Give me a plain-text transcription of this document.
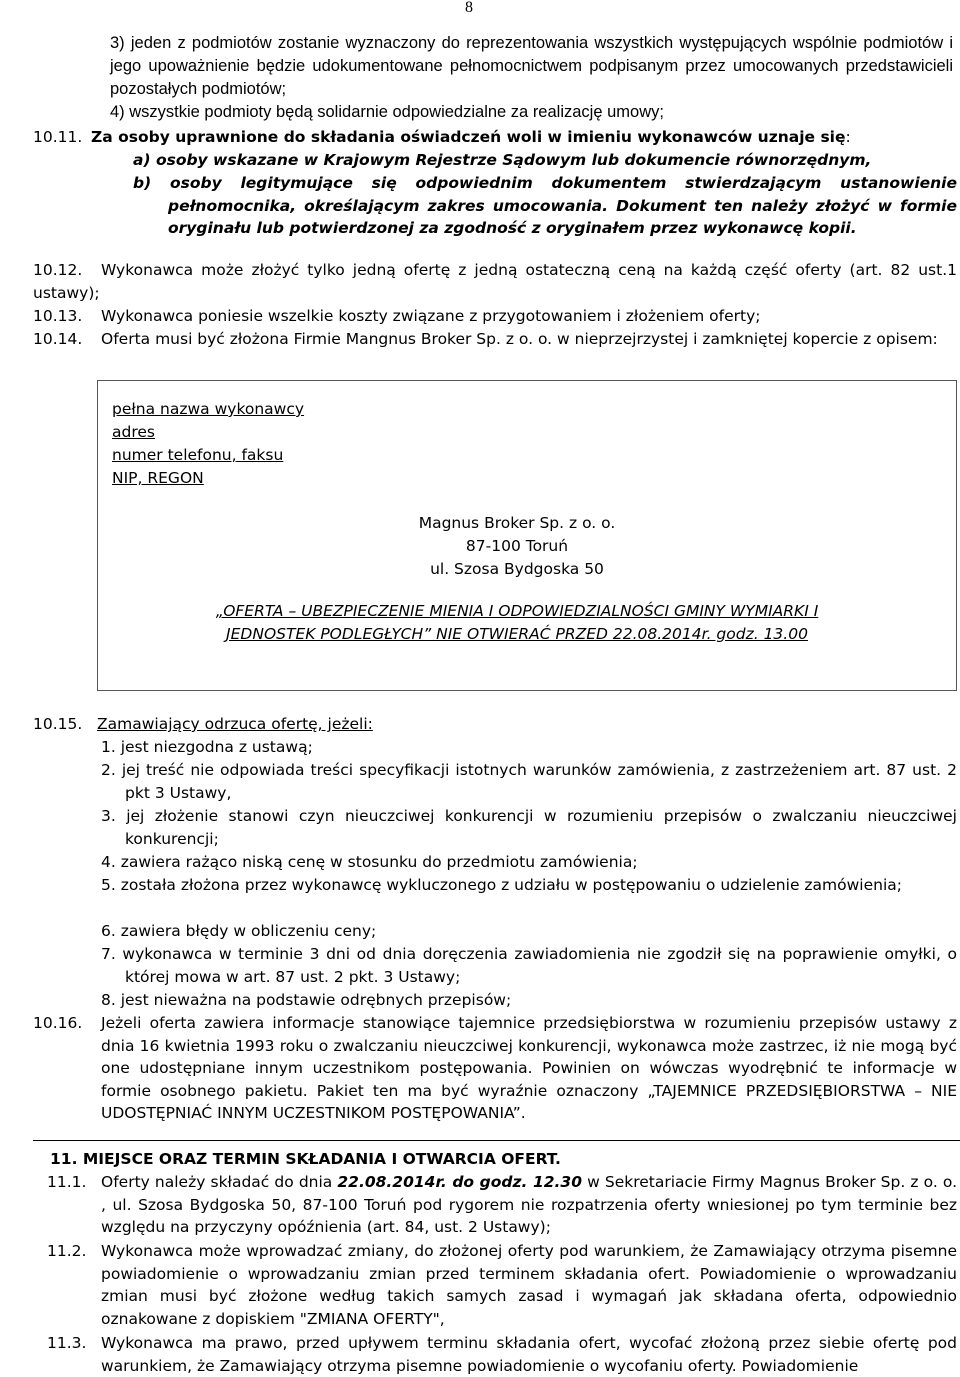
8

3) jeden z podmiotów zostanie wyznaczony do reprezentowania wszystkich występujących wspólnie podmiotów i jego upoważnienie będzie udokumentowane pełnomocnictwem podpisanym przez umocowanych przedstawicieli pozostałych podmiotów;

4) wszystkie podmioty będą solidarnie odpowiedzialne za realizację umowy;

10.11. Za osoby uprawnione do składania oświadczeń woli w imieniu wykonawców uznaje się:
a) osoby wskazane w Krajowym Rejestrze Sądowym lub dokumencie równorzędnym,
b) osoby legitymujące się odpowiednim dokumentem stwierdzającym ustanowienie pełnomocnika, określającym zakres umocowania. Dokument ten należy złożyć w formie oryginału lub potwierdzonej za zgodność z oryginałem przez wykonawcę kopii.
10.12.	Wykonawca może złożyć tylko jedną ofertę z jedną ostateczną ceną na każdą część oferty (art. 82 ust.1 ustawy);
10.13. Wykonawca poniesie wszelkie koszty związane z przygotowaniem i złożeniem oferty;
10.14. Oferta musi być złożona Firmie Mangnus Broker Sp. z o. o. w nieprzejrzystej i zamkniętej kopercie z opisem:
pełna nazwa wykonawcy
adres
numer telefonu, faksu
NIP, REGON
Magnus Broker Sp. z o. o.
87-100 Toruń
ul. Szosa Bydgoska 50
„OFERTA – UBEZPIECZENIE MIENIA I ODPOWIEDZIALNOŚCI GMINY WYMIARKI I
JEDNOSTEK PODLEGŁYCH” NIE OTWIERAĆ PRZED 22.08.2014r. godz. 13.00
10.15. Zamawiający odrzuca ofertę, jeżeli:
1. jest niezgodna z ustawą;
2. jej treść nie odpowiada treści specyfikacji istotnych warunków zamówienia, z zastrzeżeniem art. 87 ust. 2 pkt 3 Ustawy,
3. jej złożenie stanowi czyn nieuczciwej konkurencji w rozumieniu przepisów o zwalczaniu nieuczciwej konkurencji;
4. zawiera rażąco niską cenę w stosunku do przedmiotu zamówienia;
5. została złożona przez wykonawcę wykluczonego z udziału w postępowaniu o udzielenie zamówienia;
6. zawiera błędy w obliczeniu ceny;
7. wykonawca w terminie 3 dni od dnia doręczenia zawiadomienia nie zgodził się na poprawienie omyłki, o której mowa w art. 87 ust. 2 pkt. 3 Ustawy;
8. jest nieważna na podstawie odrębnych przepisów;
10.16. Jeżeli oferta zawiera informacje stanowiące tajemnice przedsiębiorstwa w rozumieniu przepisów ustawy z dnia 16 kwietnia 1993 roku o zwalczaniu nieuczciwej konkurencji, wykonawca może zastrzec, iż nie mogą być one udostępniane innym uczestnikom postępowania. Powinien on wówczas wyodrębnić te informacje w formie osobnego pakietu. Pakiet ten ma być wyraźnie oznaczony „TAJEMNICE PRZEDSIĘBIORSTWA – NIE UDOSTĘPNIAĆ INNYM UCZESTNIKOM POSTĘPOWANIA”.
11. MIEJSCE ORAZ TERMIN SKŁADANIA I OTWARCIA OFERT.
11.1. Oferty należy składać do dnia 22.08.2014r. do godz. 12.30 w Sekretariacie Firmy Magnus Broker Sp. z o. o. , ul. Szosa Bydgoska 50, 87-100 Toruń pod rygorem nie rozpatrzenia oferty wniesionej po tym terminie bez względu na przyczyny opóźnienia (art. 84, ust. 2 Ustawy);
11.2. Wykonawca może wprowadzać zmiany, do złożonej oferty pod warunkiem, że Zamawiający otrzyma pisemne powiadomienie o wprowadzaniu zmian przed terminem składania ofert. Powiadomienie o wprowadzaniu zmian musi być złożone według takich samych zasad i wymagań jak składana oferta, odpowiednio oznakowane z dopiskiem "ZMIANA OFERTY",
11.3. Wykonawca ma prawo, przed upływem terminu składania ofert, wycofać złożoną przez siebie ofertę pod warunkiem, że Zamawiający otrzyma pisemne powiadomienie o wycofaniu oferty. Powiadomienie
